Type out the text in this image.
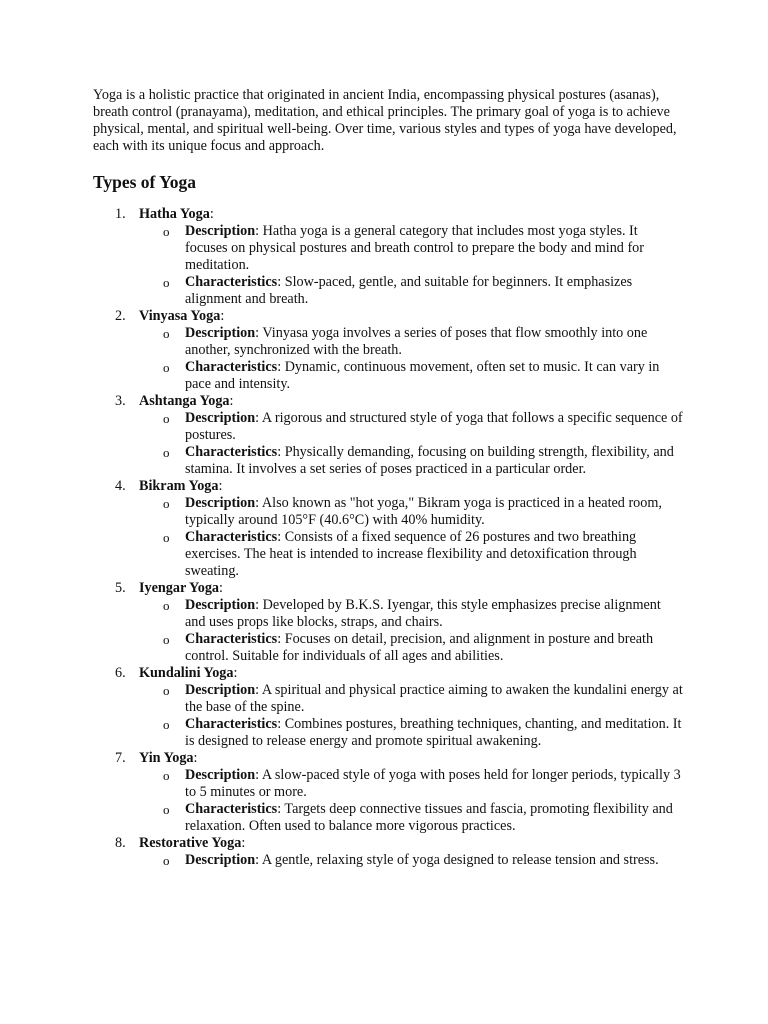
Yoga is a holistic practice that originated in ancient India, encompassing physical postures (asanas), breath control (pranayama), meditation, and ethical principles. The primary goal of yoga is to achieve physical, mental, and spiritual well-being. Over time, various styles and types of yoga have developed, each with its unique focus and approach.

Types of Yoga
1. Hatha Yoga:
o Description: Hatha yoga is a general category that includes most yoga styles. It focuses on physical postures and breath control to prepare the body and mind for meditation.
o Characteristics: Slow-paced, gentle, and suitable for beginners. It emphasizes alignment and breath.
2. Vinyasa Yoga:
o Description: Vinyasa yoga involves a series of poses that flow smoothly into one another, synchronized with the breath.
o Characteristics: Dynamic, continuous movement, often set to music. It can vary in pace and intensity.
3. Ashtanga Yoga:
o Description: A rigorous and structured style of yoga that follows a specific sequence of postures.
o Characteristics: Physically demanding, focusing on building strength, flexibility, and stamina. It involves a set series of poses practiced in a particular order.
4. Bikram Yoga:
o Description: Also known as "hot yoga," Bikram yoga is practiced in a heated room, typically around 105°F (40.6°C) with 40% humidity.
o Characteristics: Consists of a fixed sequence of 26 postures and two breathing exercises. The heat is intended to increase flexibility and detoxification through sweating.
5. Iyengar Yoga:
o Description: Developed by B.K.S. Iyengar, this style emphasizes precise alignment and uses props like blocks, straps, and chairs.
o Characteristics: Focuses on detail, precision, and alignment in posture and breath control. Suitable for individuals of all ages and abilities.
6. Kundalini Yoga:
o Description: A spiritual and physical practice aiming to awaken the kundalini energy at the base of the spine.
o Characteristics: Combines postures, breathing techniques, chanting, and meditation. It is designed to release energy and promote spiritual awakening.
7. Yin Yoga:
o Description: A slow-paced style of yoga with poses held for longer periods, typically 3 to 5 minutes or more.
o Characteristics: Targets deep connective tissues and fascia, promoting flexibility and relaxation. Often used to balance more vigorous practices.
8. Restorative Yoga:
o Description: A gentle, relaxing style of yoga designed to release tension and stress.
